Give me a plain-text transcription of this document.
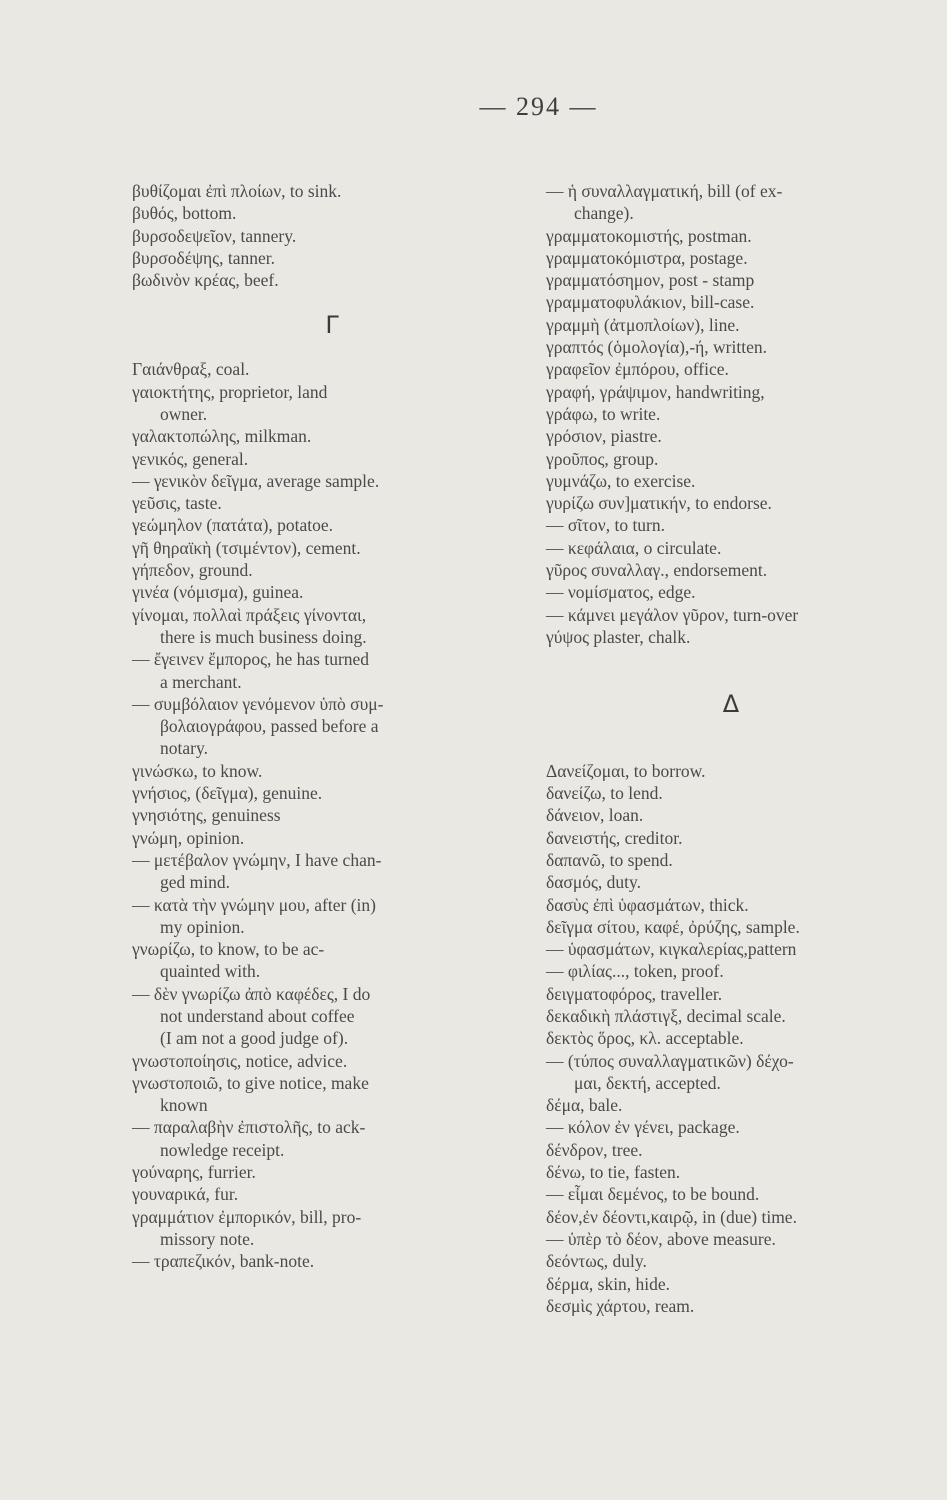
— 294 —
βυθίζομαι ἐπὶ πλοίων, to sink.
βυθός, bottom.
βυρσοδεψεῖον, tannery.
βυρσοδέψης, tanner.
βωδινὸν κρέας, beef.
Γ
Γαιάνθραξ, coal.
γαιοκτήτης, proprietor, land
owner.
γαλακτοπώλης, milkman.
γενικός, general.
— γενικὸν δεῖγμα, average sample.
γεῦσις, taste.
γεώμηλον (πατάτα), potatoe.
γῆ θηραϊκὴ (τσιμέντον), cement.
γήπεδον, ground.
γινέα (νόμισμα), guinea.
γίνομαι, πολλαὶ πράξεις γίνονται,
there is much business doing.
— ἔγεινεν ἔμπορος, he has turned
a merchant.
— συμβόλαιον γενόμενον ὑπὸ συμ-
βολαιογράφου, passed before a
notary.
γινώσκω, to know.
γνήσιος, (δεῖγμα), genuine.
γνησιότης, genuiness
γνώμη, opinion.
— μετέβαλον γνώμην, I have chan-
ged mind.
— κατὰ τὴν γνώμην μου, after (in)
my opinion.
γνωρίζω, to know, to be ac-
quainted with.
— δὲν γνωρίζω ἀπὸ καφέδες, I do
not understand about coffee
(I am not a good judge of).
γνωστοποίησις, notice, advice.
γνωστοποιῶ, to give notice, make
known
— παραλαβὴν ἐπιστολῆς, to ack-
nowledge receipt.
γούναρης, furrier.
γουναρικά, fur.
γραμμάτιον ἐμπορικόν, bill, pro-
missory note.
— τραπεζικόν, bank-note.
— ἡ συναλλαγματική, bill (of ex-
change).
γραμματοκομιστής, postman.
γραμματοκόμιστρα, postage.
γραμματόσημον, post - stamp
γραμματοφυλάκιον, bill-case.
γραμμὴ (ἀτμοπλοίων), line.
γραπτός (ὁμολογία),-ή, written.
γραφεῖον ἐμπόρου, office.
γραφή, γράψιμον, handwriting,
γράφω, to write.
γρόσιον, piastre.
γροῦπος, group.
γυμνάζω, to exercise.
γυρίζω συν]ματικήν, to endorse.
— σῖτον, to turn.
— κεφάλαια, o circulate.
γῦρος συναλλαγ., endorsement.
— νομίσματος, edge.
— κάμνει μεγάλον γῦρον, turn-over
γύψος plaster, chalk.
Δ
Δανείζομαι, to borrow.
δανείζω, to lend.
δάνειον, loan.
δανειστής, creditor.
δαπανῶ, to spend.
δασμός, duty.
δασὺς ἐπὶ ὑφασμάτων, thick.
δεῖγμα σίτου, καφέ, ὀρύζης, sample.
— ὑφασμάτων, κιγκαλερίας,pattern
— φιλίας..., token, proof.
δειγματοφόρος, traveller.
δεκαδικὴ πλάστιγξ, decimal scale.
δεκτὸς ὅρος, κλ. acceptable.
— (τύπος συναλλαγματικῶν) δέχο-
μαι, δεκτή, accepted.
δέμα, bale.
— κόλον ἐν γένει, package.
δένδρον, tree.
δένω, to tie, fasten.
— εἶμαι δεμένος, to be bound.
δέον,ἐν δέοντι,καιρῷ, in (due) time.
— ὑπὲρ τὸ δέον, above measure.
δεόντως, duly.
δέρμα, skin, hide.
δεσμὶς χάρτου, ream.
